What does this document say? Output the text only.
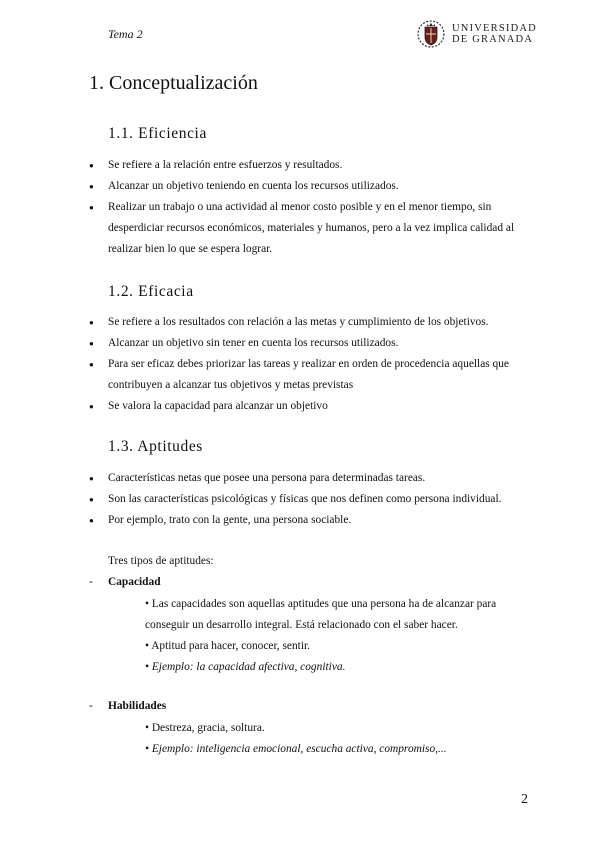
Tema 2	UNIVERSIDAD
DE GRANADA
1. Conceptualización
1.1. Eficiencia
● Se refiere a la relación entre esfuerzos y resultados.
● Alcanzar un objetivo teniendo en cuenta los recursos utilizados.
● Realizar un trabajo o una actividad al menor costo posible y en el menor tiempo, sin desperdiciar recursos económicos, materiales y humanos, pero a la vez implica calidad al realizar bien lo que se espera lograr.
1.2. Eficacia
● Se refiere a los resultados con relación a las metas y cumplimiento de los objetivos.
● Alcanzar un objetivo sin tener en cuenta los recursos utilizados.
● Para ser eficaz debes priorizar las tareas y realizar en orden de procedencia aquellas que contribuyen a alcanzar tus objetivos y metas previstas
● Se valora la capacidad para alcanzar un objetivo
1.3. Aptitudes
● Características netas que posee una persona para determinadas tareas.
● Son las características psicológicas y físicas que nos definen como persona individual.
● Por ejemplo, trato con la gente, una persona sociable.
Tres tipos de aptitudes:
- Capacidad
• Las capacidades son aquellas aptitudes que una persona ha de alcanzar para conseguir un desarrollo integral. Está relacionado con el saber hacer.
• Aptitud para hacer, conocer, sentir.
• Ejemplo: la capacidad afectiva, cognitiva.
- Habilidades
• Destreza, gracia, soltura.
• Ejemplo: inteligencia emocional, escucha activa, compromiso,...
2
